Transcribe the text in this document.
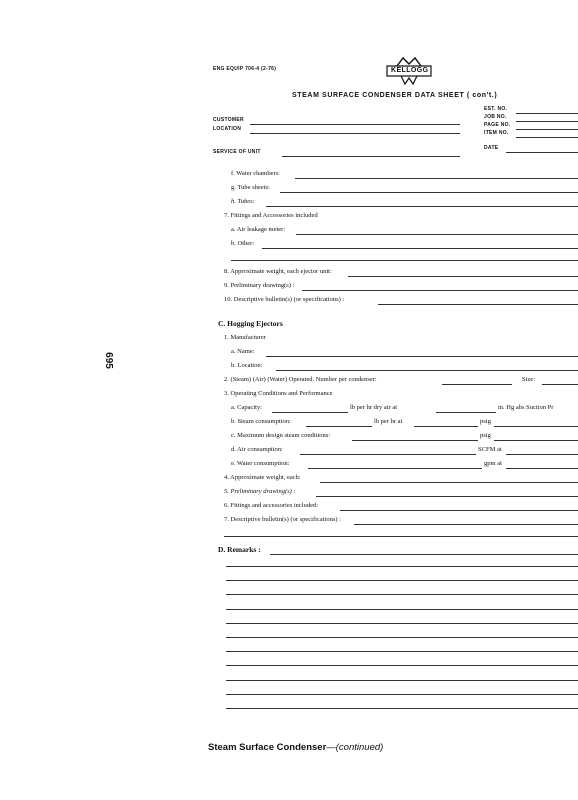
ENG EQUIP 706-4 (2-76)	KELLOGG
STEAM SURFACE CONDENSER DATA SHEET ( con't.)
EST. NO.
JOB NO.
PAGE NO.
ITEM NO.
DATE
CUSTOMER
LOCATION
SERVICE OF UNIT
f. Water chambers:
g. Tube sheets:
h. Tubes:
7. Fittings and Accessories included
a. Air leakage meter:
b. Other:
8. Approximate weight, each ejector unit:
9. Preliminary drawing(s) :
10. Descriptive bulletin(s) (or specifications) :
C. Hogging Ejectors
1. Manufacturer
a. Name:
b. Location:
2. (Steam) (Air) (Water) Operated. Number per condenser:	Size:
3. Operating Conditions and Performance
a. Capacity:	lb per hr dry air at	in. Hg abs Suction Pr
b. Steam consumption:	lb per hr at	psig
c. Maximum design steam conditions:	psig
d. Air consumption:	SCFM at
e. Water consumption:	gpm at
4. Approximate weight, each:
5. Preliminary drawing(s) :
6. Fittings and accessories included:
7. Descriptive bulletin(s) (or specifications) :
D. Remarks :
695
Steam Surface Condenser—(continued)
